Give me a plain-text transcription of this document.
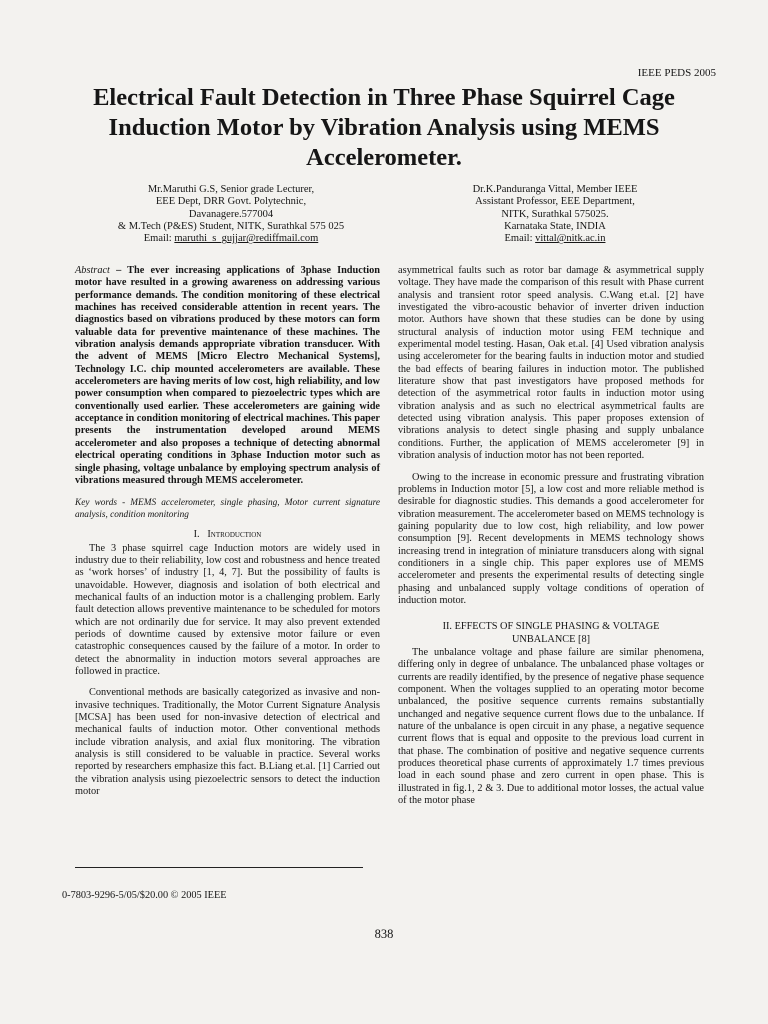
IEEE PEDS 2005
Electrical Fault Detection in Three Phase Squirrel Cage Induction Motor by Vibration Analysis using MEMS Accelerometer.
Mr.Maruthi G.S, Senior grade Lecturer,
EEE Dept, DRR Govt. Polytechnic,
Davanagere.577004
& M.Tech (P&ES) Student, NITK, Surathkal 575 025
Email: maruthi_s_gujjar@rediffmail.com
Dr.K.Panduranga Vittal, Member IEEE
Assistant Professor, EEE Department,
NITK, Surathkal 575025.
Karnataka State, INDIA
Email: vittal@nitk.ac.in

Abstract – The ever increasing applications of 3phase Induction motor have resulted in a growing awareness on addressing various performance demands. The condition monitoring of these electrical machines has received considerable attention in recent years. The diagnostics based on vibrations produced by these motors can form valuable data for preventive maintenance of these machines. The vibration analysis demands appropriate vibration transducer. With the advent of MEMS [Micro Electro Mechanical Systems], Technology I.C. chip mounted accelerometers are available. These accelerometers are having merits of low cost, high reliability, and low power consumption when compared to piezoelectric types which are conventionally used earlier. These accelerometers are gaining wide acceptance in condition monitoring of electrical machines. This paper presents the instrumentation developed around MEMS accelerometer and also proposes a technique of detecting abnormal electrical operating conditions in 3phase Induction motor such as single phasing, voltage unbalance by employing spectrum analysis of vibrations measured through MEMS accelerometer.

Key words - MEMS accelerometer, single phasing, Motor current signature analysis, condition monitoring

I. Introduction

The 3 phase squirrel cage Induction motors are widely used in industry due to their reliability, low cost and robustness and hence treated as ‘work horses’ of industry [1, 4, 7]. But the possibility of faults is unavoidable. However, diagnosis and isolation of both electrical and mechanical faults of an induction motor is a challenging problem. Early fault detection allows preventive maintenance to be scheduled for motors which are not ordinarily due for service. It may also prevent extended periods of downtime caused by extensive motor failure or even catastrophic consequences caused by the failure of a motor. In order to detect the abnormality in induction motors several approaches are followed in practice.

Conventional methods are basically categorized as invasive and non-invasive techniques. Traditionally, the Motor Current Signature Analysis [MCSA] has been used for non-invasive detection of electrical and mechanical faults of induction motor. Other conventional methods include vibration analysis, and axial flux monitoring. The vibration analysis is still considered to be valuable in practice. Several works reported by researchers emphasize this fact. B.Liang et.al. [1] Carried out the vibration analysis using piezoelectric sensors to detect the induction motor

asymmetrical faults such as rotor bar damage & asymmetrical supply voltage. They have made the comparison of this result with Phase current analysis and transient rotor speed analysis. C.Wang et.al. [2] have investigated the vibro-acoustic behavior of inverter driven induction motor. Authors have shown that these studies can be done by using structural analysis of induction motor using FEM technique and experimental model testing. Hasan, Oak et.al. [4] Used vibration analysis using accelerometer for the bearing faults in induction motor and studied the bad effects of bearing failures in induction motor. The published literature show that past investigators have proposed methods for detection of the asymmetrical rotor faults in induction motor using vibration analysis and as such no electrical asymmetrical faults are detected using vibration analysis. This paper proposes extension of vibrations analysis to detect single phasing and supply unbalance conditions. Further, the application of MEMS accelerometer [9] in vibration analysis of induction motor has not been reported.

Owing to the increase in economic pressure and frustrating vibration problems in Induction motor [5], a low cost and more reliable method is desirable for diagnostic studies. This demands a good accelerometer for vibration measurement. The accelerometer based on MEMS technology is gaining popularity due to low cost, high reliability, and low power consumption [9]. Recent developments in MEMS technology shows increasing trend in integration of miniature transducers along with signal conditioners in a single chip. This paper explores use of MEMS accelerometer and presents the experimental results of detecting single phasing and unbalanced supply voltage conditions of operation of induction motor.

II. EFFECTS OF SINGLE PHASING & VOLTAGE
UNBALANCE [8]

The unbalance voltage and phase failure are similar phenomena, differing only in degree of unbalance. The unbalanced phase voltages or currents are readily identified, by the presence of negative phase sequence component. When the voltages supplied to an operating motor become unbalanced, the positive sequence currents remains substantially unchanged and negative sequence current flows due to the unbalance. If nature of the unbalance is open circuit in any phase, a negative sequence current flows that is equal and opposite to the previous load current in that phase. The combination of positive and negative sequence currents produces theoretical phase currents of approximately 1.7 times previous load in each sound phase and zero current in open phase. This is illustrated in fig.1, 2 & 3. Due to additional motor losses, the actual value of the motor phase

0-7803-9296-5/05/$20.00 © 2005 IEEE
838
